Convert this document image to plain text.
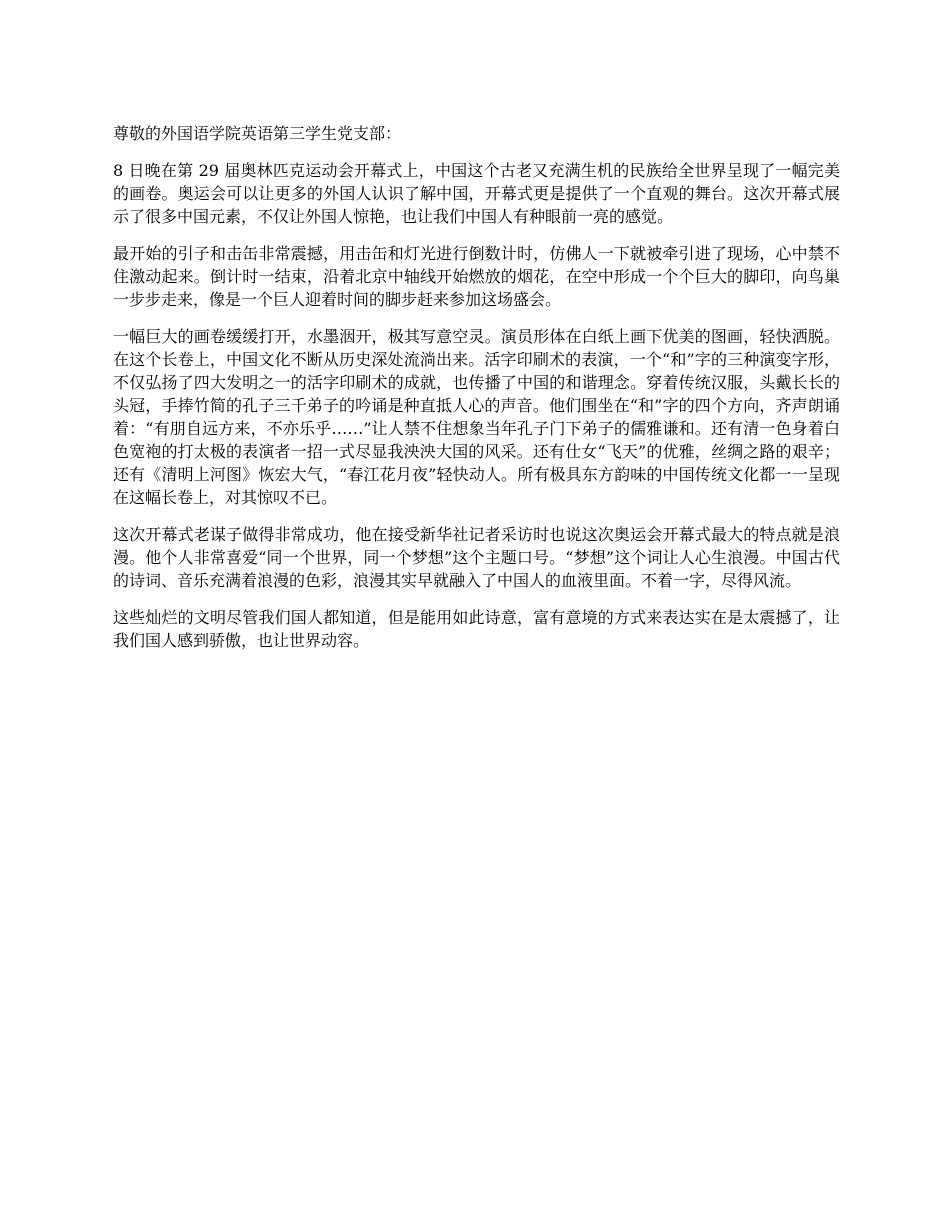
尊敬的外国语学院英语第三学生党支部：

8 日晚在第 29 届奥林匹克运动会开幕式上，中国这个古老又充满生机的民族给全世界呈现了一幅完美的画卷。奥运会可以让更多的外国人认识了解中国，开幕式更是提供了一个直观的舞台。这次开幕式展示了很多中国元素，不仅让外国人惊艳，也让我们中国人有种眼前一亮的感觉。

最开始的引子和击缶非常震撼，用击缶和灯光进行倒数计时，仿佛人一下就被牵引进了现场，心中禁不住激动起来。倒计时一结束，沿着北京中轴线开始燃放的烟花，在空中形成一个个巨大的脚印，向鸟巢一步步走来，像是一个巨人迎着时间的脚步赶来参加这场盛会。

一幅巨大的画卷缓缓打开，水墨洇开，极其写意空灵。演员形体在白纸上画下优美的图画，轻快洒脱。在这个长卷上，中国文化不断从历史深处流淌出来。活字印刷术的表演，一个“和”字的三种演变字形，不仅弘扬了四大发明之一的活字印刷术的成就，也传播了中国的和谐理念。穿着传统汉服，头戴长长的头冠，手捧竹简的孔子三千弟子的吟诵是种直抵人心的声音。他们围坐在“和”字的四个方向，齐声朗诵着：“有朋自远方来，不亦乐乎……”让人禁不住想象当年孔子门下弟子的儒雅谦和。还有清一色身着白色宽袍的打太极的表演者一招一式尽显我泱泱大国的风采。还有仕女“飞天”的优雅，丝绸之路的艰辛；还有《清明上河图》恢宏大气，“春江花月夜”轻快动人。所有极具东方韵味的中国传统文化都一一呈现在这幅长卷上，对其惊叹不已。

这次开幕式老谋子做得非常成功，他在接受新华社记者采访时也说这次奥运会开幕式最大的特点就是浪漫。他个人非常喜爱“同一个世界，同一个梦想”这个主题口号。“梦想”这个词让人心生浪漫。中国古代的诗词、音乐充满着浪漫的色彩，浪漫其实早就融入了中国人的血液里面。不着一字，尽得风流。

这些灿烂的文明尽管我们国人都知道，但是能用如此诗意，富有意境的方式来表达实在是太震撼了，让我们国人感到骄傲，也让世界动容。
